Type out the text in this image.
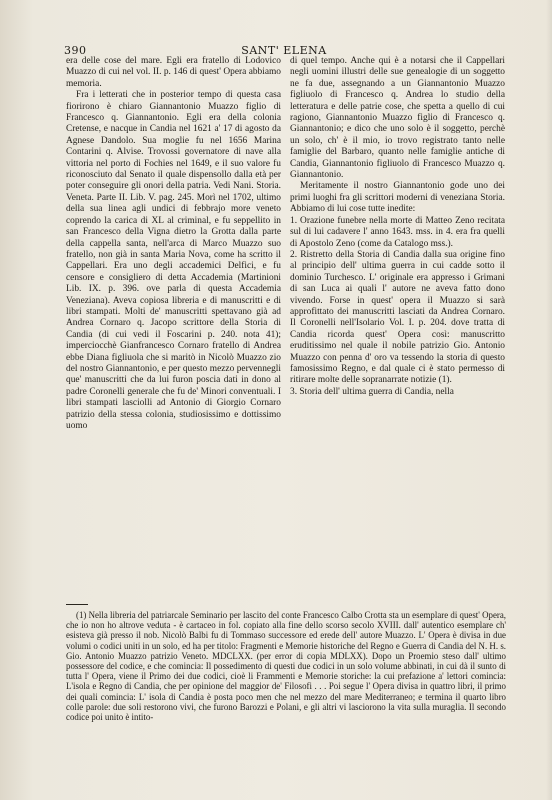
390	SANT' ELENA

era delle cose del mare. Egli era fratello di Lodovico Muazzo di cui nel vol. II. p. 146 di quest' Opera abbiamo memoria.

Fra i letterati che in posterior tempo di questa casa fiorirono è chiaro Giannantonio Muazzo figlio di Francesco q. Giannantonio. Egli era della colonia Cretense, e nacque in Candia nel 1621 a' 17 di agosto da Agnese Dandolo. Sua moglie fu nel 1656 Marina Contarini q. Alvise. Trovossi governatore di nave alla vittoria nel porto di Fochies nel 1649, e il suo valore fu riconosciuto dal Senato il quale dispensollo dalla età per poter conseguire gli onori della patria. Vedi Nani. Storia. Veneta. Parte II. Lib. V. pag. 245. Morì nel 1702, ultimo della sua linea agli undici di febbrajo more veneto coprendo la carica di XL al criminal, e fu seppellito in san Francesco della Vigna dietro la Grotta dalla parte della cappella santa, nell'arca di Marco Muazzo suo fratello, non già in santa Maria Nova, come ha scritto il Cappellari. Era uno degli accademici Delfici, e fu censore e consigliero di detta Accademia (Martinioni Lib. IX. p. 396. ove parla di questa Accademia Veneziana). Aveva copiosa libreria e di manuscritti e di libri stampati. Molti de' manuscritti spettavano già ad Andrea Cornaro q. Jacopo scrittore della Storia di Candia (di cui vedi il Foscarini p. 240. nota 41); imperciocchè Gianfrancesco Cornaro fratello di Andrea ebbe Diana figliuola che si maritò in Nicolò Muazzo zio del nostro Giannantonio, e per questo mezzo pervennegli que' manuscritti che da lui furon poscia dati in dono al padre Coronelli generale che fu de' Minori conventuali. I libri stampati lasciolli ad Antonio di Giorgio Cornaro patrizio della stessa colonia, studiosissimo e dottissimo uomo

di quel tempo. Anche qui è a notarsi che il Cappellari negli uomini illustri delle sue genealogie di un soggetto ne fa due, assegnando a un Giannantonio Muazzo figliuolo di Francesco q. Andrea lo studio della letteratura e delle patrie cose, che spetta a quello di cui ragiono, Giannantonio Muazzo figlio di Francesco q. Giannantonio; e dico che uno solo è il soggetto, perchè un solo, ch' è il mio, io trovo registrato tanto nelle famiglie del Barbaro, quanto nelle famiglie antiche di Candia, Giannantonio figliuolo di Francesco Muazzo q. Giannantonio.

Meritamente il nostro Giannantonio gode uno dei primi luoghi fra gli scrittori moderni di veneziana Storia. Abbiamo di lui cose tutte inedite:

1. Orazione funebre nella morte di Matteo Zeno recitata sul di lui cadavere l' anno 1643. mss. in 4. era fra quelli di Apostolo Zeno (come da Catalogo mss.).

2. Ristretto della Storia di Candia dalla sua origine fino al principio dell' ultima guerra in cui cadde sotto il dominio Turchesco. L' originale era appresso i Grimani di san Luca ai quali l' autore ne aveva fatto dono vivendo. Forse in quest' opera il Muazzo si sarà approfittato dei manuscritti lasciati da Andrea Cornaro. Il Coronelli nell'Isolario Vol. I. p. 204. dove tratta di Candia ricorda quest' Opera così: manuscritto eruditissimo nel quale il nobile patrizio Gio. Antonio Muazzo con penna d' oro va tessendo la storia di questo famosissimo Regno, e dal quale ci è stato permesso di ritirare molte delle sopranarrate notizie (1).

3. Storia dell' ultima guerra di Candia, nella

(1) Nella libreria del patriarcale Seminario per lascito del conte Francesco Calbo Crotta sta un esemplare di quest' Opera, che io non ho altrove veduta - è cartaceo in fol. copiato alla fine dello scorso secolo XVIII. dall' autentico esemplare ch' esisteva già presso il nob. Nicolò Balbi fu di Tommaso successore ed erede dell' autore Muazzo. L' Opera è divisa in due volumi o codici uniti in un solo, ed ha per titolo: Fragmenti e Memorie historiche del Regno e Guerra di Candia del N. H. s. Gio. Antonio Muazzo patrizio Veneto. MDCLXX. (per error di copia MDLXX). Dopo un Proemio steso dall' ultimo possessore del codice, e che comincia: Il possedimento di questi due codici in un solo volume abbinati, in cui dà il sunto di tutta l' Opera, viene il Primo dei due codici, cioè li Frammenti e Memorie storiche: la cui prefazione a' lettori comincia: L'isola e Regno di Candia, che per opinione del maggior de' Filosofi . . . Poi segue l' Opera divisa in quattro libri, il primo dei quali comincia: L' isola di Candia è posta poco men che nel mezzo del mare Mediterraneo; e termina il quarto libro colle parole: due soli restorono vivi, che furono Barozzi e Polani, e gli altri vi lasciorono la vita sulla muraglia. Il secondo codice poi unito è intito-
